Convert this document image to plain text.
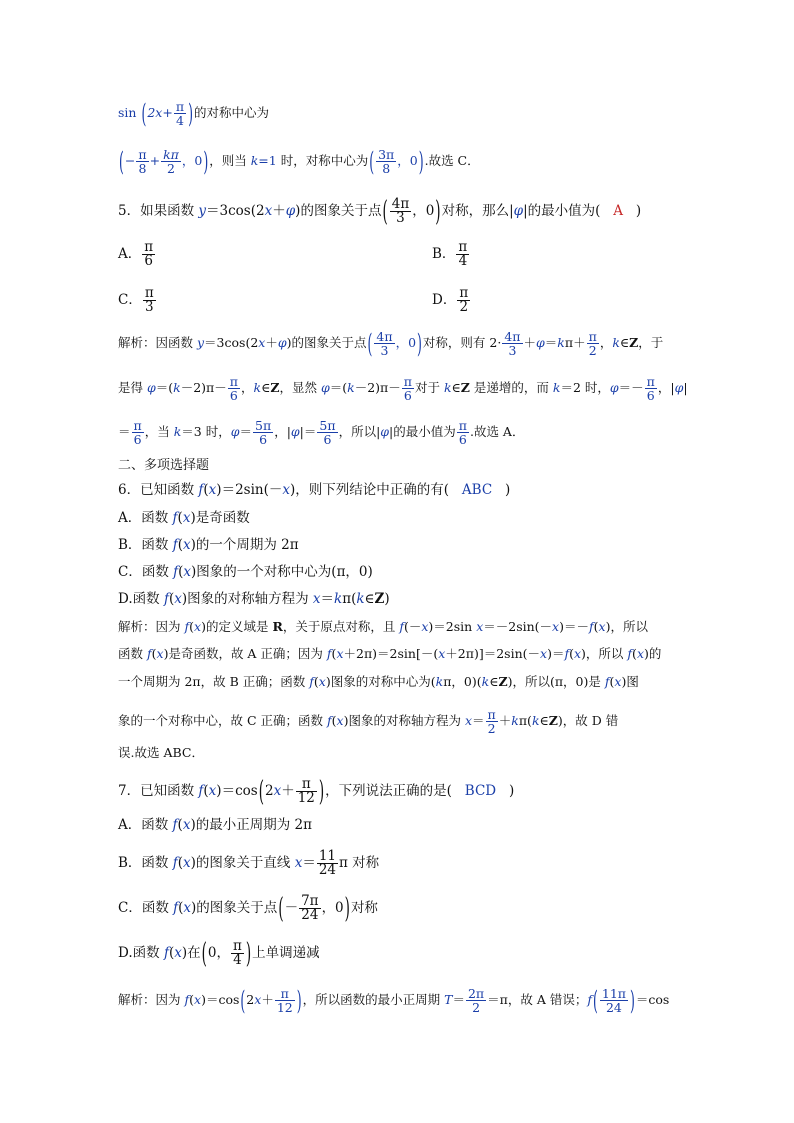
$\sin (2x+ \frac{\pi}{4}$ )的对称中心为
(− $\frac{\pi}{8} + \frac{k\pi}{2}$ ，0)，则当 k=1 时，对称中心为( $\frac{3\pi}{8}$ ，0).故选 C．
5．如果函数 y＝3cos(2x＋φ)的图象关于点( $\frac{4\pi}{3}$ ，0)对称，那么|φ|的最小值为(   A   )
A． $\frac{\pi}{6}$	B． $\frac{\pi}{4}$
C． $\frac{\pi}{3}$	D． $\frac{\pi}{2}$
解析：因函数 y＝3cos(2x＋φ)的图象关于点( $\frac{4\pi}{3}$ ，0)对称，则有 $2\cdot \frac{4\pi}{3} +\varphi=k\pi+ \frac{\pi}{2}$ ，k∈Z，于
是得 $\varphi=(k-2)\pi- \frac{\pi}{6}$ ，k∈Z，显然 $\varphi=(k-2)\pi- \frac{\pi}{6}$ 对于 k∈Z 是递增的，而 k＝2 时，$\varphi=- \frac{\pi}{6}$ ，|φ|
＝ $\frac{\pi}{6}$ ，当 k＝3 时，$\varphi= \frac{5\pi}{6}$ ，$|\varphi|= \frac{5\pi}{6}$ ，所以|φ|的最小值为 $\frac{\pi}{6}$ .故选 A．
二、多项选择题
6．已知函数 f(x)＝2sin(－x)，则下列结论中正确的有(   ABC   )
A．函数 f(x)是奇函数
B．函数 f(x)的一个周期为 2π
C．函数 f(x)图象的一个对称中心为(π，0)
D.函数 f(x)图象的对称轴方程为 x＝kπ(k∈Z)
解析：因为 f(x)的定义域是 R，关于原点对称，且 f(－x)＝2sin x＝－2sin(－x)＝－f(x)，所以
函数 f(x)是奇函数，故 A 正确；因为 f(x＋2π)＝2sin[－(x＋2π)]＝2sin(－x)＝f(x)，所以 f(x)的
一个周期为 2π，故 B 正确；函数 f(x)图象的对称中心为(kπ，0)(k∈Z)，所以(π，0)是 f(x)图
象的一个对称中心，故 C 正确；函数 f(x)图象的对称轴方程为 $x= \frac{\pi}{2}$ ＋kπ(k∈Z)，故 D 错
误.故选 ABC．
7．已知函数 $f(x)=\cos(2x+ \frac{\pi}{12}$ )，下列说法正确的是(   BCD   )
A．函数 f(x)的最小正周期为 2π
B．函数 f(x)的图象关于直线 $x= \frac{11}{24}$ π 对称
C．函数 f(x)的图象关于点(－ $\frac{7\pi}{24}$ ，0)对称
D.函数 f(x)在(0， $\frac{\pi}{4}$ )上单调递减
解析：因为 $f(x)=\cos(2x+ \frac{\pi}{12}$ )，所以函数的最小正周期 $T= \frac{2\pi}{2} =\pi$，故 A 错误；$f( \frac{11\pi}{24} )=\cos$
